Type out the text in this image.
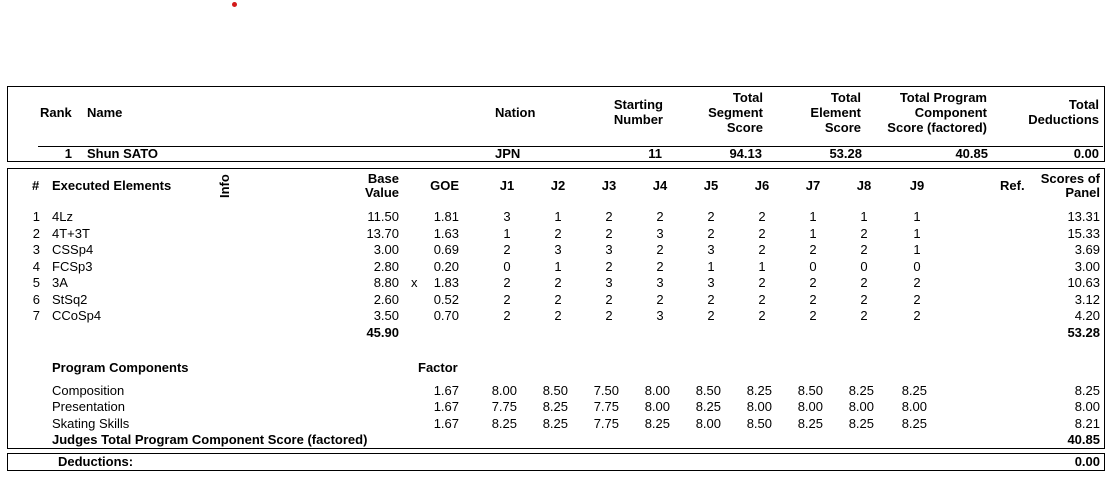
Rank Name	Nation
Starting
Number
Total
Segment
Score
Total
Element
Score
Total Program
Component
Score (factored)
Total
Deductions
1 Shun SATO	JPN	11	94.13	53.28	40.85	0.00
# Executed Elements	Info	Base
Value	GOE	J1	J2	J3	J4	J5	J6	J7	J8	J9	Ref.	Scores of
Panel
1 4Lz	11.50	1.81	3	1	2	2	2	2	1	1	1	13.31
2 4T+3T	13.70	1.63	1	2	2	3	2	2	1	2	1	15.33
3 CSSp4	3.00	0.69	2	3	3	2	3	2	2	2	1	3.69
4 FCSp3	2.80	0.20	0	1	2	2	1	1	0	0	0	3.00
5 3A	8.80 x	1.83	2	2	3	3	3	2	2	2	2	10.63
6 StSq2	2.60	0.52	2	2	2	2	2	2	2	2	2	3.12
7 CCoSp4	3.50	0.70	2	2	2	3	2	2	2	2	2	4.20
45.90	53.28
Program Components	Factor
Composition	1.67	8.00	8.50	7.50	8.00	8.50	8.25	8.50	8.25	8.25	8.25
Presentation	1.67	7.75	8.25	7.75	8.00	8.25	8.00	8.00	8.00	8.00	8.00
Skating Skills	1.67	8.25	8.25	7.75	8.25	8.00	8.50	8.25	8.25	8.25	8.21
Judges Total Program Component Score (factored)	40.85
Deductions:	0.00
